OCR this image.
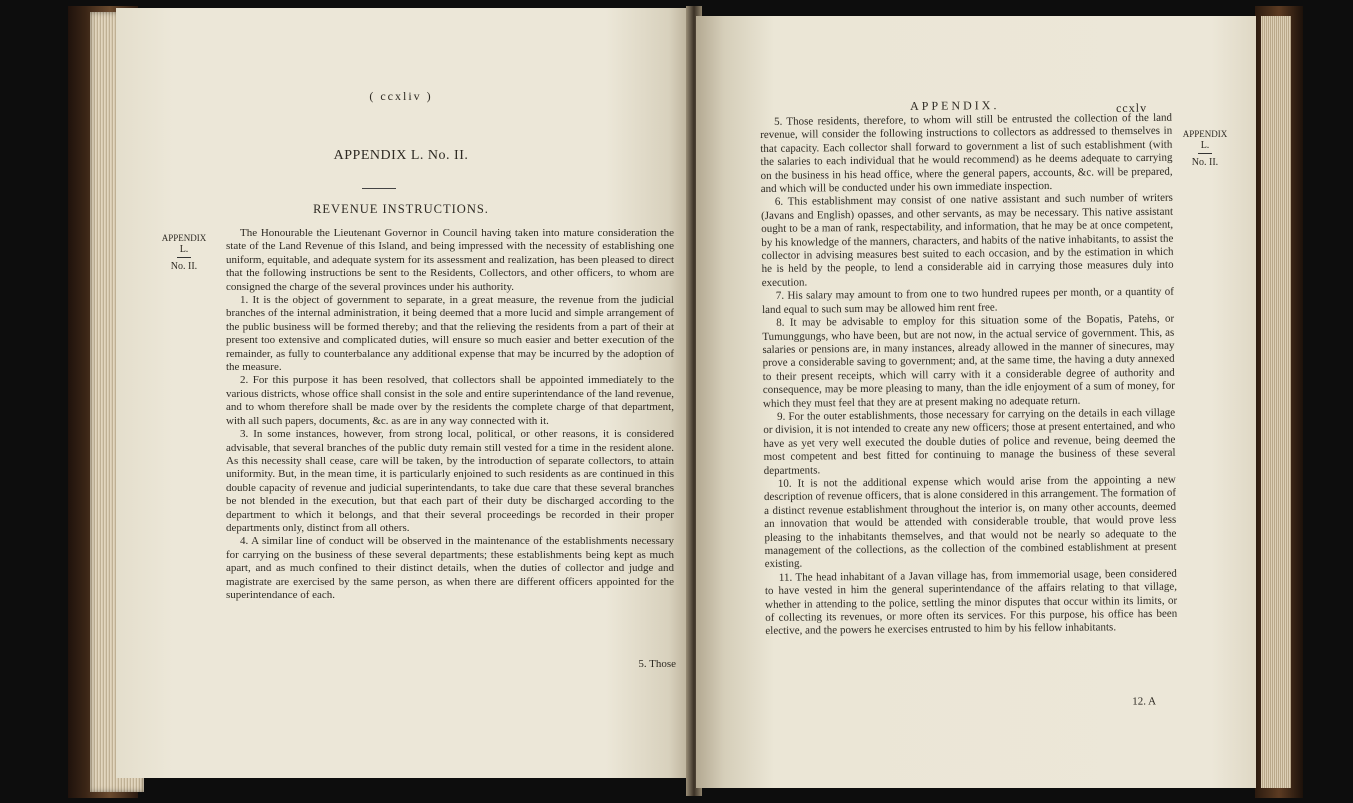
( ccxliv )
APPENDIX L. No. II.
REVENUE INSTRUCTIONS.
APPENDIX
L.
No. II.

The Honourable the Lieutenant Governor in Council having taken into mature consideration the state of the Land Revenue of this Island, and being impressed with the necessity of establishing one uniform, equitable, and adequate system for its assessment and realization, has been pleased to direct that the following instructions be sent to the Residents, Collectors, and other officers, to whom are consigned the charge of the several provinces under his authority.

1. It is the object of government to separate, in a great measure, the revenue from the judicial branches of the internal administration, it being deemed that a more lucid and simple arrangement of the public business will be formed thereby; and that the relieving the residents from a part of their at present too extensive and complicated duties, will ensure so much easier and better execution of the remainder, as fully to counterbalance any additional expense that may be incurred by the adoption of the measure.

2. For this purpose it has been resolved, that collectors shall be appointed immediately to the various districts, whose office shall consist in the sole and entire superintendance of the land revenue, and to whom therefore shall be made over by the residents the complete charge of that department, with all such papers, documents, &c. as are in any way connected with it.

3. In some instances, however, from strong local, political, or other reasons, it is considered advisable, that several branches of the public duty remain still vested for a time in the resident alone. As this necessity shall cease, care will be taken, by the introduction of separate collectors, to attain uniformity. But, in the mean time, it is particularly enjoined to such residents as are continued in this double capacity of revenue and judicial superintendants, to take due care that these several branches be not blended in the execution, but that each part of their duty be discharged according to the department to which it belongs, and that their several proceedings be recorded in their proper departments only, distinct from all others.

4. A similar line of conduct will be observed in the maintenance of the establishments necessary for carrying on the business of these several departments; these establishments being kept as much apart, and as much confined to their distinct details, when the duties of collector and judge and magistrate are exercised by the same person, as when there are different officers appointed for the superintendance of each.

5. Those
APPENDIX.	ccxlv

5. Those residents, therefore, to whom will still be entrusted the collection of the land revenue, will consider the following instructions to collectors as addressed to themselves in that capacity. Each collector shall forward to government a list of such establishment (with the salaries to each individual that he would recommend) as he deems adequate to carrying on the business in his head office, where the general papers, accounts, &c. will be prepared, and which will be conducted under his own immediate inspection.

6. This establishment may consist of one native assistant and such number of writers (Javans and English) opasses, and other servants, as may be necessary. This native assistant ought to be a man of rank, respectability, and information, that he may be at once competent, by his knowledge of the manners, characters, and habits of the native inhabitants, to assist the collector in advising measures best suited to each occasion, and by the estimation in which he is held by the people, to lend a considerable aid in carrying those measures duly into execution.

7. His salary may amount to from one to two hundred rupees per month, or a quantity of land equal to such sum may be allowed him rent free.

8. It may be advisable to employ for this situation some of the Bopatis, Patehs, or Tumunggungs, who have been, but are not now, in the actual service of government. This, as salaries or pensions are, in many instances, already allowed in the manner of sinecures, may prove a considerable saving to government; and, at the same time, the having a duty annexed to their present receipts, which will carry with it a considerable degree of authority and consequence, may be more pleasing to many, than the idle enjoyment of a sum of money, for which they must feel that they are at present making no adequate return.

9. For the outer establishments, those necessary for carrying on the details in each village or division, it is not intended to create any new officers; those at present entertained, and who have as yet very well executed the double duties of police and revenue, being deemed the most competent and best fitted for continuing to manage the business of these several departments.

10. It is not the additional expense which would arise from the appointing a new description of revenue officers, that is alone considered in this arrangement. The formation of a distinct revenue establishment throughout the interior is, on many other accounts, deemed an innovation that would be attended with considerable trouble, that would prove less pleasing to the inhabitants themselves, and that would not be nearly so adequate to the management of the collections, as the collection of the combined establishment at present existing.

11. The head inhabitant of a Javan village has, from immemorial usage, been considered to have vested in him the general superintendance of the affairs relating to that village, whether in attending to the police, settling the minor disputes that occur within its limits, or of collecting its revenues, or more often its services. For this purpose, his office has been elective, and the powers he exercises entrusted to him by his fellow inhabitants.

APPENDIX
L.
No. II.
12. A
